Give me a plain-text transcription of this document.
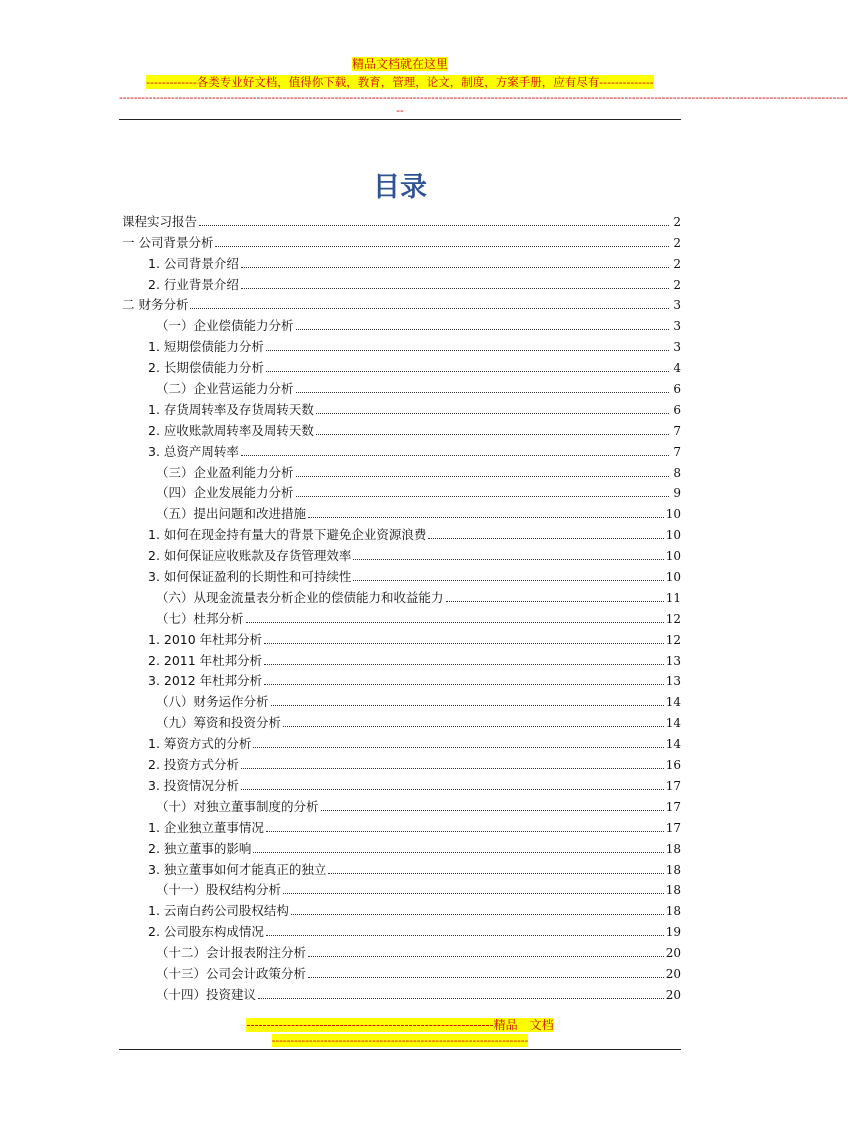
精品文档就在这里
-------------各类专业好文档，值得你下载，教育，管理，论文，制度，方案手册，应有尽有--------------
----------------------------------------------------------------------------------------------------------------------------------------------------------------------------------------------------
--
目录
课程实习报告	2
一 公司背景分析	2
1. 公司背景介绍	2
2. 行业背景介绍	2
二 财务分析	3
（一）企业偿债能力分析	3
1. 短期偿债能力分析	3
2. 长期偿债能力分析	4
（二）企业营运能力分析	6
1. 存货周转率及存货周转天数	6
2. 应收账款周转率及周转天数	7
3. 总资产周转率	7
（三）企业盈利能力分析	8
（四）企业发展能力分析	9
（五）提出问题和改进措施	10
1. 如何在现金持有量大的背景下避免企业资源浪费	10
2. 如何保证应收账款及存货管理效率	10
3. 如何保证盈利的长期性和可持续性	10
（六）从现金流量表分析企业的偿债能力和收益能力	11
（七）杜邦分析	12
1. 2010 年杜邦分析	12
2. 2011 年杜邦分析	13
3. 2012 年杜邦分析	13
（八）财务运作分析	14
（九）筹资和投资分析	14
1. 筹资方式的分析	14
2. 投资方式分析	16
3. 投资情况分析	17
（十）对独立董事制度的分析	17
1. 企业独立董事情况	17
2. 独立董事的影响	18
3. 独立董事如何才能真正的独立	18
（十一）股权结构分析	18
1. 云南白药公司股权结构	18
2. 公司股东构成情况	19
（十二）会计报表附注分析	20
（十三）公司会计政策分析	20
（十四）投资建议	20
-------------------------------------------------------------精品　文档
---------------------------------------------------------------------
